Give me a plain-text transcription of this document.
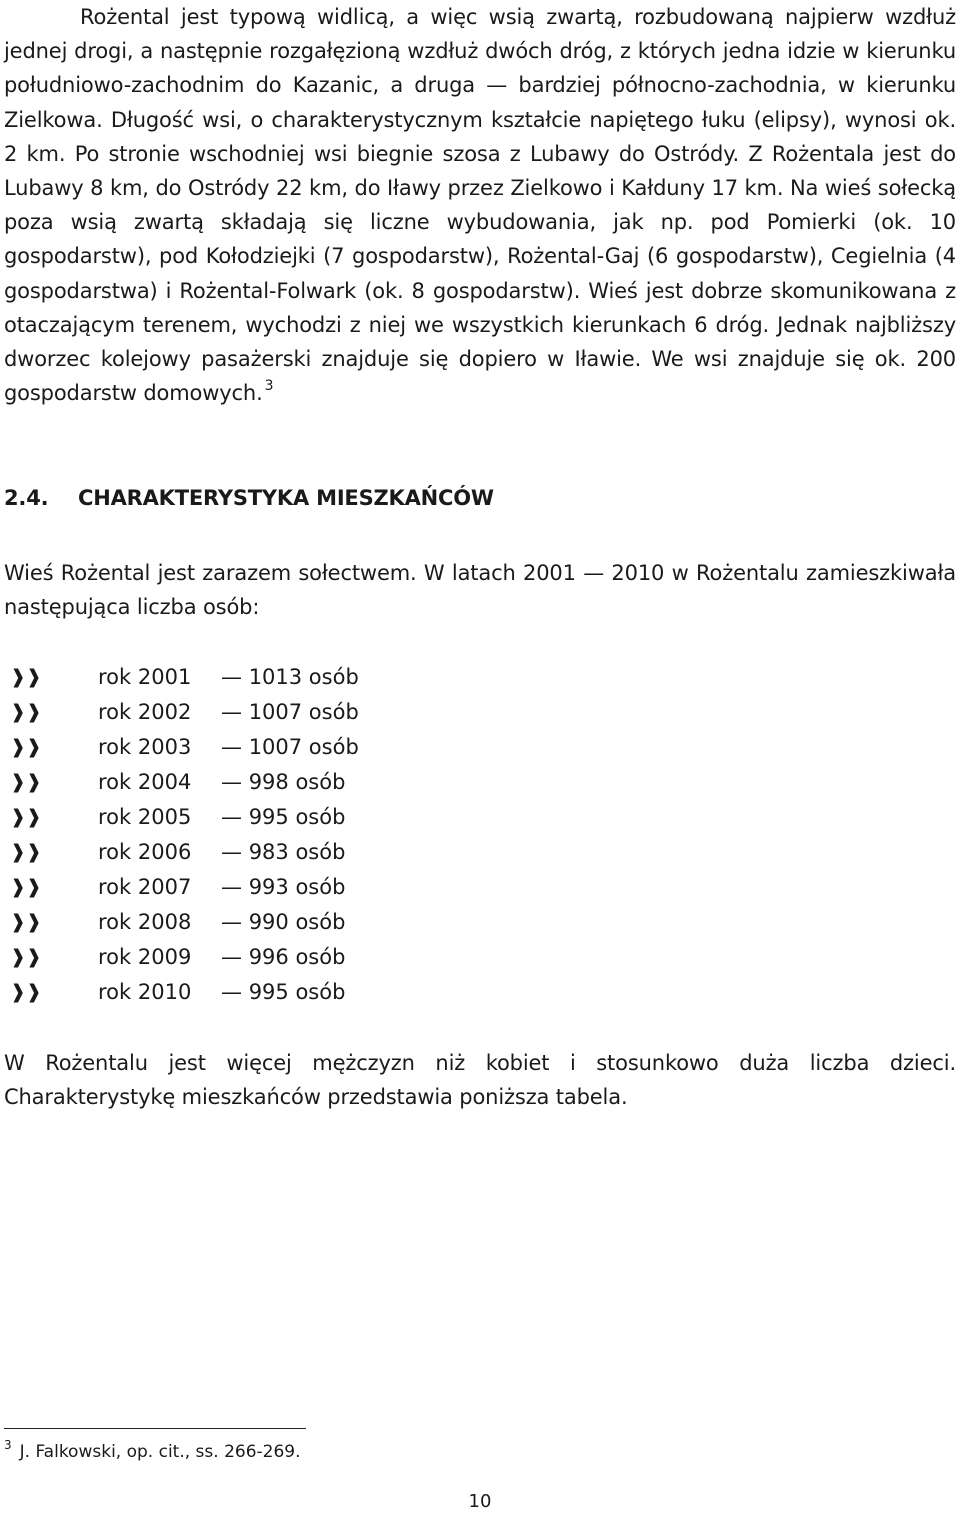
Rożental jest typową widlicą, a więc wsią zwartą, rozbudowaną najpierw wzdłuż jednej drogi, a następnie rozgałęzioną wzdłuż dwóch dróg, z których jedna idzie w kierunku południowo-zachodnim do Kazanic, a druga — bardziej północno-zachodnia, w kierunku Zielkowa. Długość wsi, o charakterystycznym kształcie napiętego łuku (elipsy), wynosi ok. 2 km. Po stronie wschodniej wsi biegnie szosa z Lubawy do Ostródy. Z Rożentala jest do Lubawy 8 km, do Ostródy 22 km, do Iławy przez Zielkowo i Kałduny 17 km. Na wieś sołecką poza wsią zwartą składają się liczne wybudowania, jak np. pod Pomierki (ok. 10 gospodarstw), pod Kołodziejki (7 gospodarstw), Rożental-Gaj (6 gospodarstw), Cegielnia (4 gospodarstwa) i Rożental-Folwark (ok. 8 gospodarstw). Wieś jest dobrze skomunikowana z otaczającym terenem, wychodzi z niej we wszystkich kierunkach 6 dróg. Jednak najbliższy dworzec kolejowy pasażerski znajduje się dopiero w Iławie. We wsi znajduje się ok. 200 gospodarstw domowych. $^3$
2.4. CHARAKTERYSTYKA MIESZKAŃCÓW
Wieś Rożental jest zarazem sołectwem. W latach 2001 — 2010 w Rożentalu zamieszkiwała następująca liczba osób:
❱❱	rok 2001 — 1013 osób
❱❱	rok 2002 — 1007 osób
❱❱	rok 2003 — 1007 osób
❱❱	rok 2004 — 998 osób
❱❱	rok 2005 — 995 osób
❱❱	rok 2006 — 983 osób
❱❱	rok 2007 — 993 osób
❱❱	rok 2008 — 990 osób
❱❱	rok 2009 — 996 osób
❱❱	rok 2010 — 995 osób
W Rożentalu jest więcej mężczyzn niż kobiet i stosunkowo duża liczba dzieci. Charakterystykę mieszkańców przedstawia poniższa tabela.
$^3$ J. Falkowski, op. cit., ss. 266-269.
10
